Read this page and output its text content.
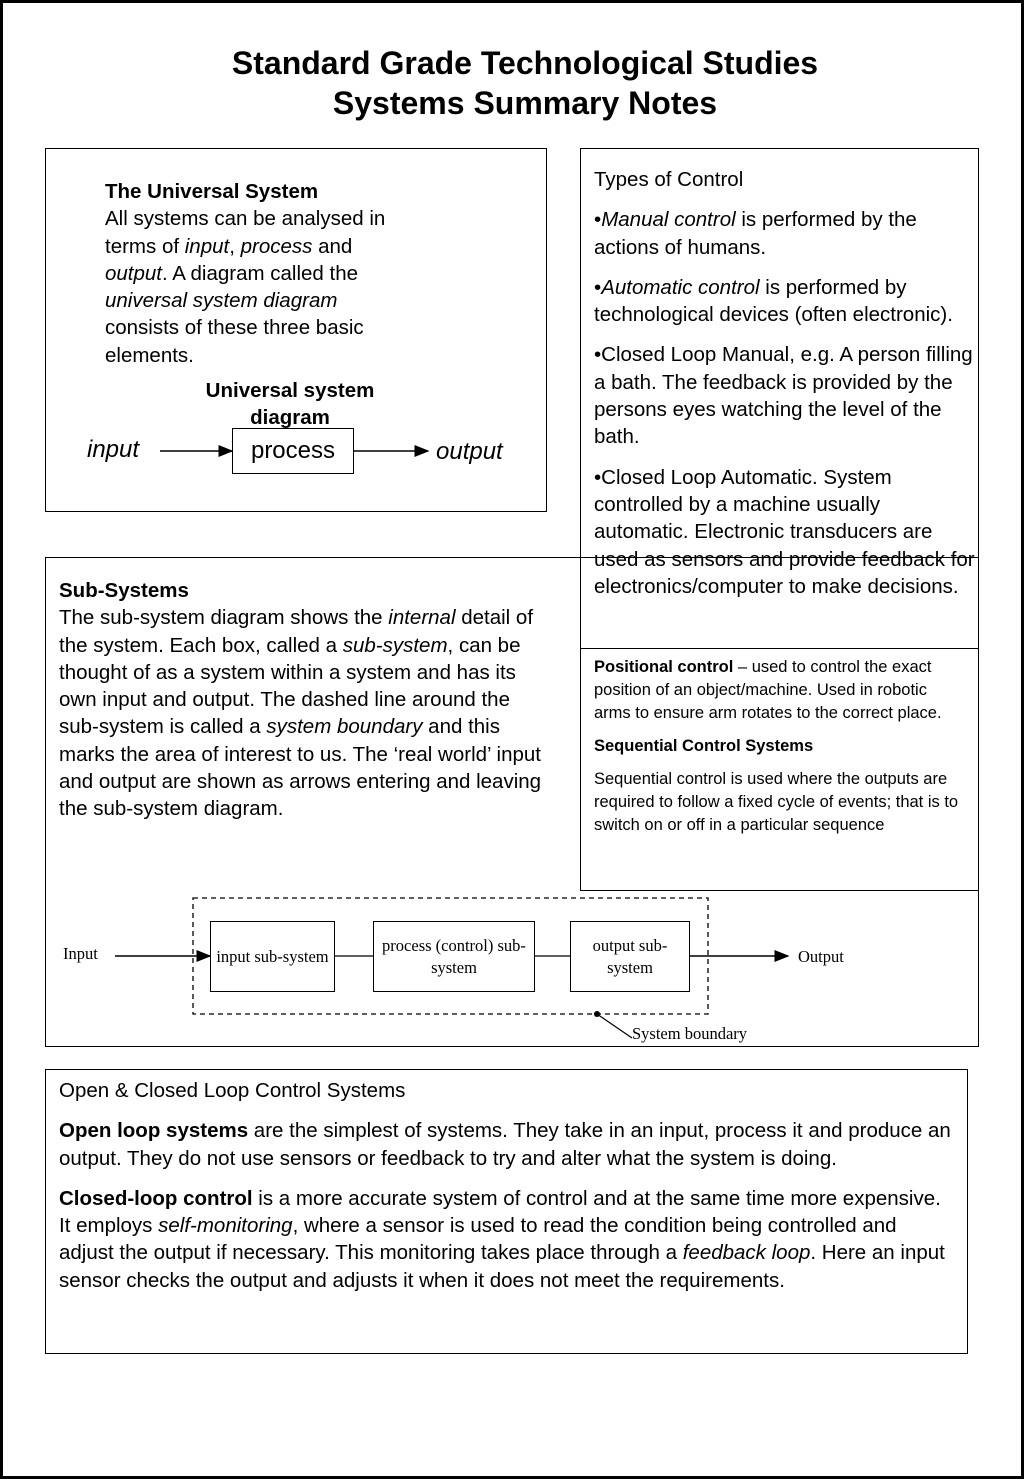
Standard Grade Technological Studies
Systems Summary Notes

The Universal System

All systems can be analysed in terms of input, process and output. A diagram called the universal system diagram consists of these three basic elements.

Universal system diagram
input	process	output

Sub-Systems

The sub-system diagram shows the internal detail of the system. Each box, called a sub-system, can be thought of as a system within a system and has its own input and output. The dashed line around the sub-system is called a system boundary and this marks the area of interest to us. The ‘real world’ input and output are shown as arrows entering and leaving the sub-system diagram.

Types of Control

•Manual control is performed by the actions of humans.

•Automatic control is performed by technological devices (often electronic).

•Closed Loop Manual, e.g. A person filling a bath. The feedback is provided by the persons eyes watching the level of the bath.

•Closed Loop Automatic. System controlled by a machine usually automatic. Electronic transducers are used as sensors and provide feedback for electronics/computer to make decisions.

Positional control – used to control the exact position of an object/machine. Used in robotic arms to ensure arm rotates to the correct place.

Sequential Control Systems

Sequential control is used where the outputs are required to follow a fixed cycle of events; that is to switch on or off in a particular sequence

Input	input sub-system
process (control) sub-system
output sub-system
Output
System boundary

Open & Closed Loop Control Systems

Open loop systems are the simplest of systems. They take in an input, process it and produce an output. They do not use sensors or feedback to try and alter what the system is doing.

Closed-loop control is a more accurate system of control and at the same time more expensive. It employs self-monitoring, where a sensor is used to read the condition being controlled and adjust the output if necessary. This monitoring takes place through a feedback loop. Here an input sensor checks the output and adjusts it when it does not meet the requirements.
